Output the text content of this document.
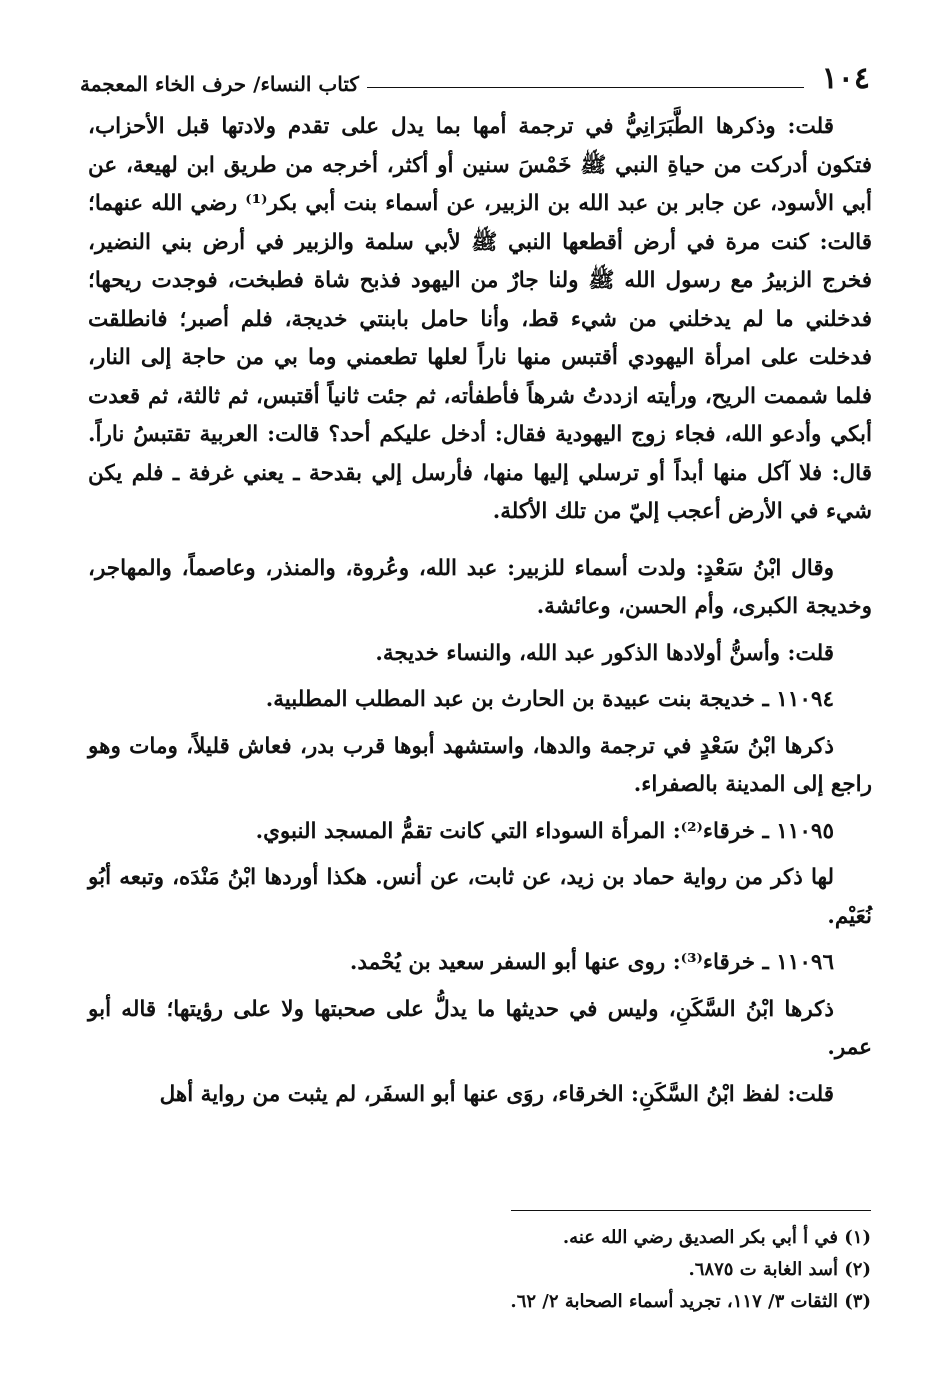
١٠٤
كتاب النساء/ حرف الخاء المعجمة

قلت: وذكرها الطَّبَرَانِيُّ في ترجمة أمها بما يدل على تقدم ولادتها قبل الأحزاب، فتكون أدركت من حياةِ النبي ﷺ خَمْسَ سنين أو أكثر، أخرجه من طريق ابن لهيعة، عن أبي الأسود، عن جابر بن عبد الله بن الزبير، عن أسماء بنت أبي بكر⁽¹⁾ رضي الله عنهما؛ قالت: كنت مرة في أرض أقطعها النبي ﷺ لأبي سلمة والزبير في أرض بني النضير، فخرج الزبيرُ مع رسول الله ﷺ ولنا جارٌ من اليهود فذبح شاة فطبخت، فوجدت ريحها؛ فدخلني ما لم يدخلني من شيء قط، وأنا حامل بابنتي خديجة، فلم أصبر؛ فانطلقت فدخلت على امرأة اليهودي أقتبس منها ناراً لعلها تطعمني وما بي من حاجة إلى النار، فلما شممت الريح، ورأيته ازددتُ شرهاً فأطفأته، ثم جئت ثانياً أقتبس، ثم ثالثة، ثم قعدت أبكي وأدعو الله، فجاء زوج اليهودية فقال: أدخل عليكم أحد؟ قالت: العربية تقتبسُ ناراً. قال: فلا آكل منها أبداً أو ترسلي إليها منها، فأرسل إلي بقدحة ـ يعني غرفة ـ فلم يكن شيء في الأرض أعجب إليّ من تلك الأكلة.

وقال ابْنُ سَعْدٍ: ولدت أسماء للزبير: عبد الله، وعُروة، والمنذر، وعاصماً، والمهاجر، وخديجة الكبرى، وأم الحسن، وعائشة.

قلت: وأسنُّ أولادها الذكور عبد الله، والنساء خديجة.

١١٠٩٤ ـ خديجة بنت عبيدة بن الحارث بن عبد المطلب المطلبية.

ذكرها ابْنُ سَعْدٍ في ترجمة والدها، واستشهد أبوها قرب بدر، فعاش قليلاً، ومات وهو راجع إلى المدينة بالصفراء.

١١٠٩٥ ـ خرقاء⁽²⁾: المرأة السوداء التي كانت تقمُّ المسجد النبوي.

لها ذكر من رواية حماد بن زيد، عن ثابت، عن أنس. هكذا أوردها ابْنُ مَنْدَه، وتبعه أبُو نُعَيْم.

١١٠٩٦ ـ خرقاء⁽³⁾: روى عنها أبو السفر سعيد بن يُحْمد.

ذكرها ابْنُ السَّكَنِ، وليس في حديثها ما يدلُّ على صحبتها ولا على رؤيتها؛ قاله أبو عمر.

قلت: لفظ ابْنُ السَّكَنِ: الخرقاء، روَى عنها أبو السفَر، لم يثبت من رواية أهل

(١) في أ أبي بكر الصديق رضي الله عنه.
(٢) أسد الغابة ت ٦٨٧٥.
(٣) الثقات ٣/ ١١٧، تجريد أسماء الصحابة ٢/ ٦٢.
